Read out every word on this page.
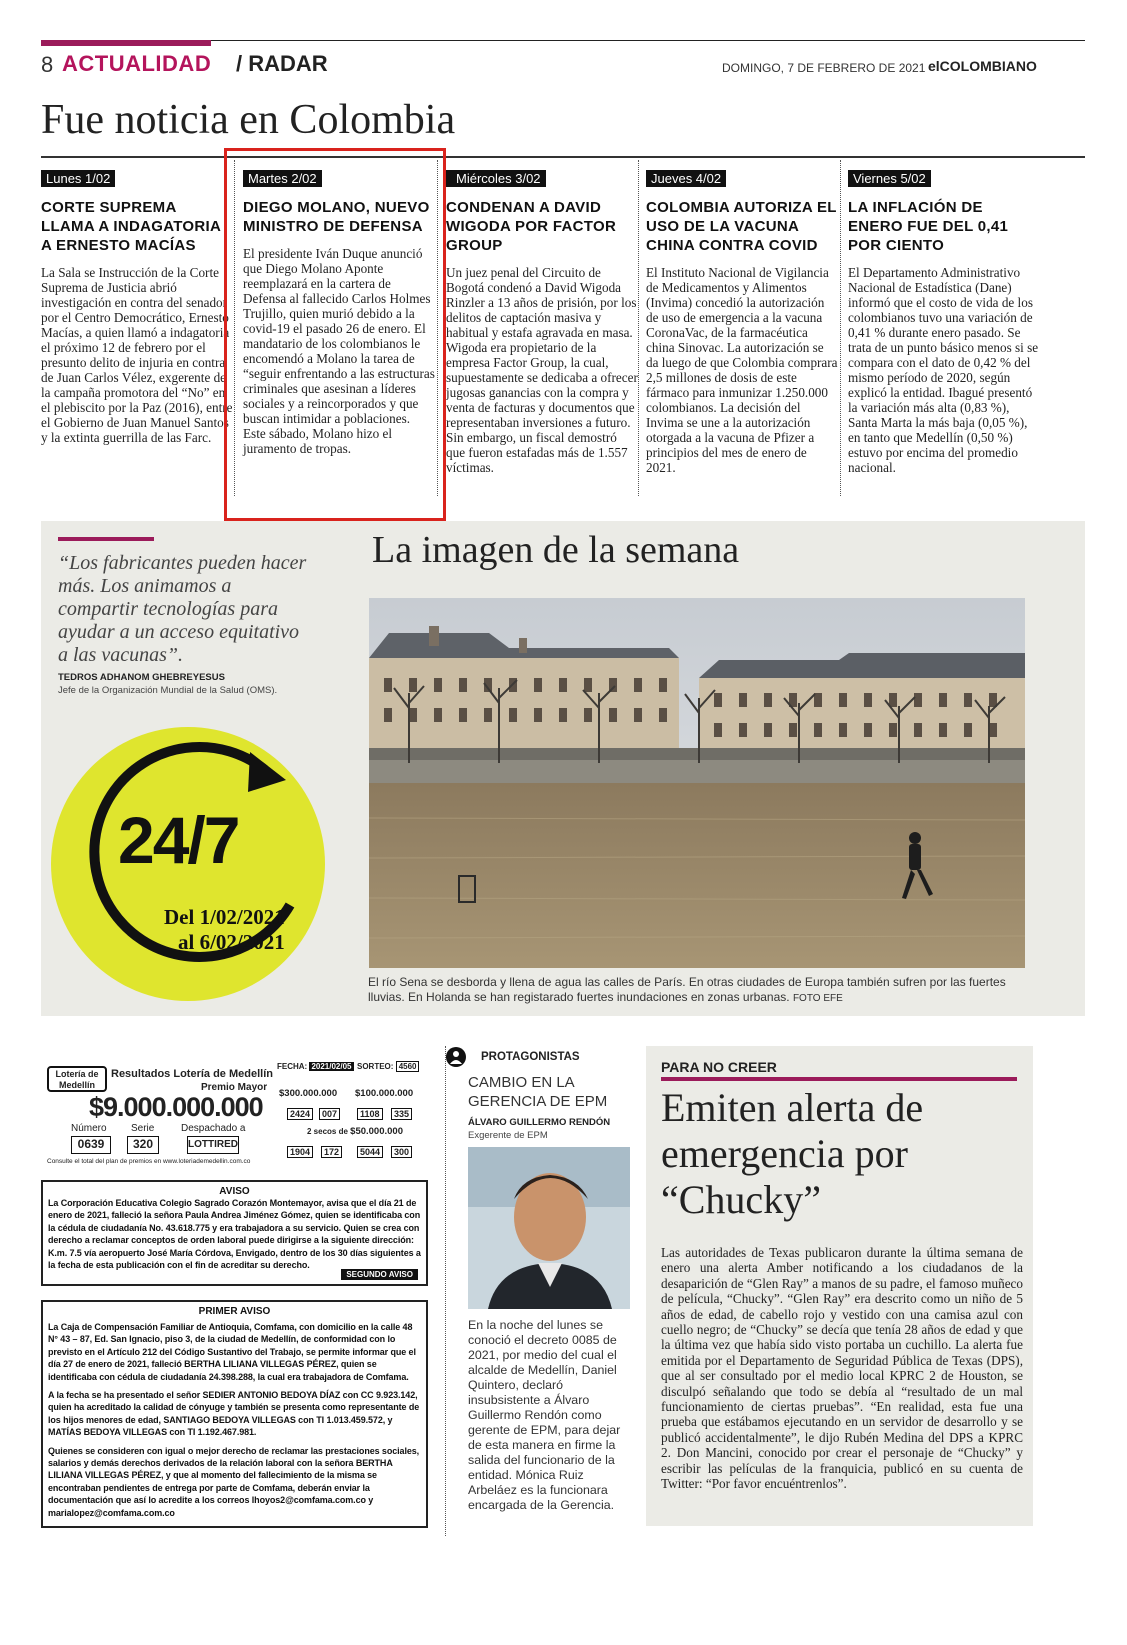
8 ACTUALIDAD / RADAR	DOMINGO, 7 DE FEBRERO DE 2021 elCOLOMBIANO
Fue noticia en Colombia
Lunes 1/02
CORTE SUPREMA LLAMA A INDAGATORIA A ERNESTO MACÍAS
La Sala se Instrucción de la Corte Suprema de Justicia abrió investigación en contra del senador por el Centro Democrático, Ernesto Macías, a quien llamó a indagatoria el próximo 12 de febrero por el presunto delito de injuria en contra de Juan Carlos Vélez, exgerente de la campaña promotora del “No” en el plebiscito por la Paz (2016), entre el Gobierno de Juan Manuel Santos y la extinta guerrilla de las Farc.
Martes 2/02
DIEGO MOLANO, NUEVO MINISTRO DE DEFENSA
El presidente Iván Duque anunció que Diego Molano Aponte reemplazará en la cartera de Defensa al fallecido Carlos Holmes Trujillo, quien murió debido a la covid-19 el pasado 26 de enero. El mandatario de los colombianos le encomendó a Molano la tarea de “seguir enfrentando a las estructuras criminales que asesinan a líderes sociales y a reincorporados y que buscan intimidar a poblaciones. Este sábado, Molano hizo el juramento de tropas.
Miércoles 3/02
CONDENAN A DAVID WIGODA POR FACTOR GROUP
Un juez penal del Circuito de Bogotá condenó a David Wigoda Rinzler a 13 años de prisión, por los delitos de captación masiva y habitual y estafa agravada en masa. Wigoda era propietario de la empresa Factor Group, la cual, supuestamente se dedicaba a ofrecer jugosas ganancias con la compra y venta de facturas y documentos que representaban inversiones a futuro. Sin embargo, un fiscal demostró que fueron estafadas más de 1.557 víctimas.
Jueves 4/02
COLOMBIA AUTORIZA EL USO DE LA VACUNA CHINA CONTRA COVID
El Instituto Nacional de Vigilancia de Medicamentos y Alimentos (Invima) concedió la autorización de uso de emergencia a la vacuna CoronaVac, de la farmacéutica china Sinovac. La autorización se da luego de que Colombia comprara 2,5 millones de dosis de este fármaco para inmunizar 1.250.000 colombianos. La decisión del Invima se une a la autorización otorgada a la vacuna de Pfizer a principios del mes de enero de 2021.
Viernes 5/02
LA INFLACIÓN DE ENERO FUE DEL 0,41 POR CIENTO
El Departamento Administrativo Nacional de Estadística (Dane) informó que el costo de vida de los colombianos tuvo una variación de 0,41 % durante enero pasado. Se trata de un punto básico menos si se compara con el dato de 0,42 % del mismo período de 2020, según explicó la entidad. Ibagué presentó la variación más alta (0,83 %), Santa Marta la más baja (0,05 %), en tanto que Medellín (0,50 %) estuvo por encima del promedio nacional.
“Los fabricantes pueden hacer más. Los animamos a compartir tecnologías para ayudar a un acceso equitativo a las vacunas”.
TEDROS ADHANOM GHEBREYESUS
Jefe de la Organización Mundial de la Salud (OMS).
24/7
Del 1/02/2021
al 6/02/2021
La imagen de la semana
El río Sena se desborda y llena de agua las calles de París. En otras ciudades de Europa también sufren por las fuertes lluvias. En Holanda se han registarado fuertes inundaciones en zonas urbanas. FOTO EFE
Lotería de Medellín
Resultados Lotería de Medellín
Premio Mayor
$9.000.000.000
Número Serie	Despachado a
0639	320	LOTTIRED
FECHA: 2021/02/05 SORTEO: 4560
$300.000.000
2424	007
$100.000.000
1108	335
2 secos de $50.000.000
1904	172	5044	300
Consulte el total del plan de premios en www.loteriademedellin.com.co
AVISO
La Corporación Educativa Colegio Sagrado Corazón Montemayor, avisa que el día 21 de enero de 2021, falleció la señora Paula Andrea Jiménez Gómez, quien se identificaba con la cédula de ciudadanía No. 43.618.775 y era trabajadora a su servicio. Quien se crea con derecho a reclamar conceptos de orden laboral puede dirigirse a la siguiente dirección: K.m. 7.5 vía aeropuerto José María Córdova, Envigado, dentro de los 30 días siguientes a la fecha de esta publicación con el fin de acreditar su derecho.
SEGUNDO AVISO
PRIMER AVISO
La Caja de Compensación Familiar de Antioquia, Comfama, con domicilio en la calle 48 N° 43 – 87, Ed. San Ignacio, piso 3, de la ciudad de Medellín, de conformidad con lo previsto en el Artículo 212 del Código Sustantivo del Trabajo, se permite informar que el día 27 de enero de 2021, falleció BERTHA LILIANA VILLEGAS PÉREZ, quien se identificaba con cédula de ciudadanía 24.398.288, la cual era trabajadora de Comfama.
A la fecha se ha presentado el señor SEDIER ANTONIO BEDOYA DÍAZ con CC 9.923.142, quien ha acreditado la calidad de cónyuge y también se presenta como representante de los hijos menores de edad, SANTIAGO BEDOYA VILLEGAS con TI 1.013.459.572, y MATÍAS BEDOYA VILLEGAS con TI 1.192.467.981.
Quienes se consideren con igual o mejor derecho de reclamar las prestaciones sociales, salarios y demás derechos derivados de la relación laboral con la señora BERTHA LILIANA VILLEGAS PÉREZ, y que al momento del fallecimiento de la misma se encontraban pendientes de entrega por parte de Comfama, deberán enviar la documentación que así lo acredite a los correos lhoyos2@comfama.com.co y marialopez@comfama.com.co
PROTAGONISTAS
CAMBIO EN LA GERENCIA DE EPM
ÁLVARO GUILLERMO RENDÓN
Exgerente de EPM
En la noche del lunes se conoció el decreto 0085 de 2021, por medio del cual el alcalde de Medellín, Daniel Quintero, declaró insubsistente a Álvaro Guillermo Rendón como gerente de EPM, para dejar de esta manera en firme la salida del funcionario de la entidad. Mónica Ruiz Arbeláez es la funcionara encargada de la Gerencia.
PARA NO CREER
Emiten alerta de emergencia por “Chucky”
Las autoridades de Texas publicaron durante la última semana de enero una alerta Amber notificando a los ciudadanos de la desaparición de “Glen Ray” a manos de su padre, el famoso muñeco de película, “Chucky”. “Glen Ray” era descrito como un niño de 5 años de edad, de cabello rojo y vestido con una camisa azul con cuello negro; de “Chucky” se decía que tenía 28 años de edad y que la última vez que había sido visto portaba un cuchillo. La alerta fue emitida por el Departamento de Seguridad Pública de Texas (DPS), que al ser consultado por el medio local KPRC 2 de Houston, se disculpó señalando que todo se debía al “resultado de un mal funcionamiento de ciertas pruebas”. “En realidad, esta fue una prueba que estábamos ejecutando en un servidor de desarrollo y se publicó accidentalmente”, le dijo Rubén Medina del DPS a KPRC 2. Don Mancini, conocido por crear el personaje de “Chucky” y escribir las películas de la franquicia, publicó en su cuenta de Twitter: “Por favor encuéntrenlos”.
